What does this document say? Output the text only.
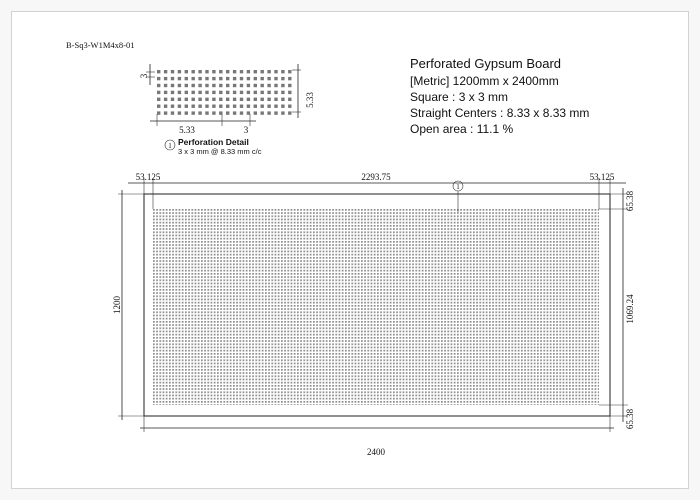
B-Sq3-W1M4x8-01
Perforated Gypsum Board
[Metric] 1200mm x 2400mm
Square : 3 x 3 mm
Straight Centers : 8.33 x 8.33 mm
Open area : 11.1 %
3
5.33
5.33	3
1 Perforation Detail
3 x 3 mm @ 8.33 mm c/c
53.125	2293.75	53.125
1
1200
2400
65.38
1069.24
65.38
